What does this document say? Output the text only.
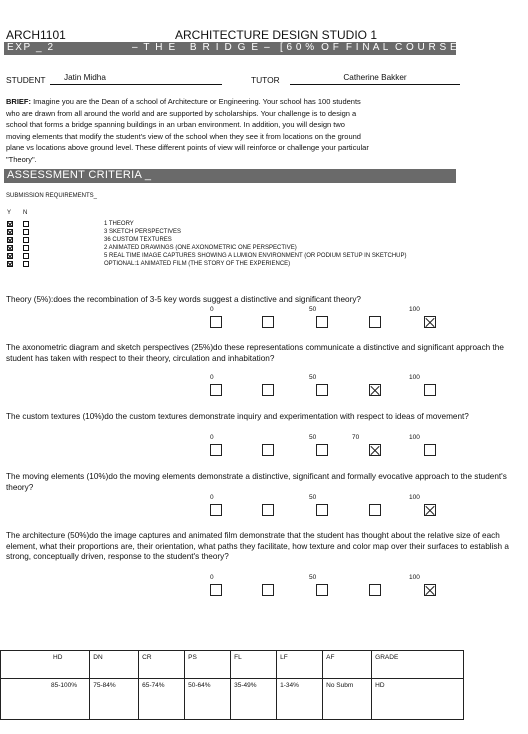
ARCH1101	ARCHITECTURE DESIGN STUDIO 1
EXP _ 2	– T H E   B R I D G E – [ 6 0 %  O F  F I N A L  C O U R S E  G R A D E ]
STUDENT	Jatin Midha	TUTOR	Catherine Bakker
BRIEF: Imagine you are the Dean of a school of Architecture or Engineering. Your school has 100 students who are drawn from all around the world and are supported by scholarships. Your challenge is to design a school that forms a bridge spanning buildings in an urban environment. In addition, you will design two moving elements that modify the student's view of the school when they see it from locations on the ground plane vs locations above ground level. These different points of view will reinforce or challenge your particular "Theory".
ASSESSMENT CRITERIA _
SUBMISSION REQUIREMENTS_
Y N
1 THEORY
3 SKETCH PERSPECTIVES
36 CUSTOM TEXTURES
2 ANIMATED DRAWINGS (ONE AXONOMETRIC ONE PERSPECTIVE)
5 REAL TIME IMAGE CAPTURES SHOWING A LUMION ENVIRONMENT (OR PODIUM SETUP IN SKETCHUP)
OPTIONAL:1 ANIMATED FILM (THE STORY OF THE EXPERIENCE)
Theory (5%):does the recombination of 3-5 key words suggest a distinctive and significant theory?
0	50	100
The axonometric diagram and sketch perspectives (25%)do these representations communicate a distinctive and significant approach the student has taken with respect to their theory, circulation and inhabitation?
0	50	100
The custom textures (10%)do the custom textures demonstrate inquiry and experimentation with respect to ideas of movement?
0	50	100
70
The moving elements (10%)do the moving elements demonstrate a distinctive, significant and formally evocative approach to the student's theory?
0	50	100
The architecture (50%)do the image captures and animated film demonstrate that the student has thought about the relative size of each element, what their proportions are, their orientation, what paths they facilitate, how texture and color map over their surfaces to establish a strong, conceptually driven, response to the student's theory?
0	50	100
HD	DN	CR	PS	FL	LF	AF	GRADE

85-100%	75-84%	65-74%	50-64%	35-49%	1-34%	No Subm	HD
